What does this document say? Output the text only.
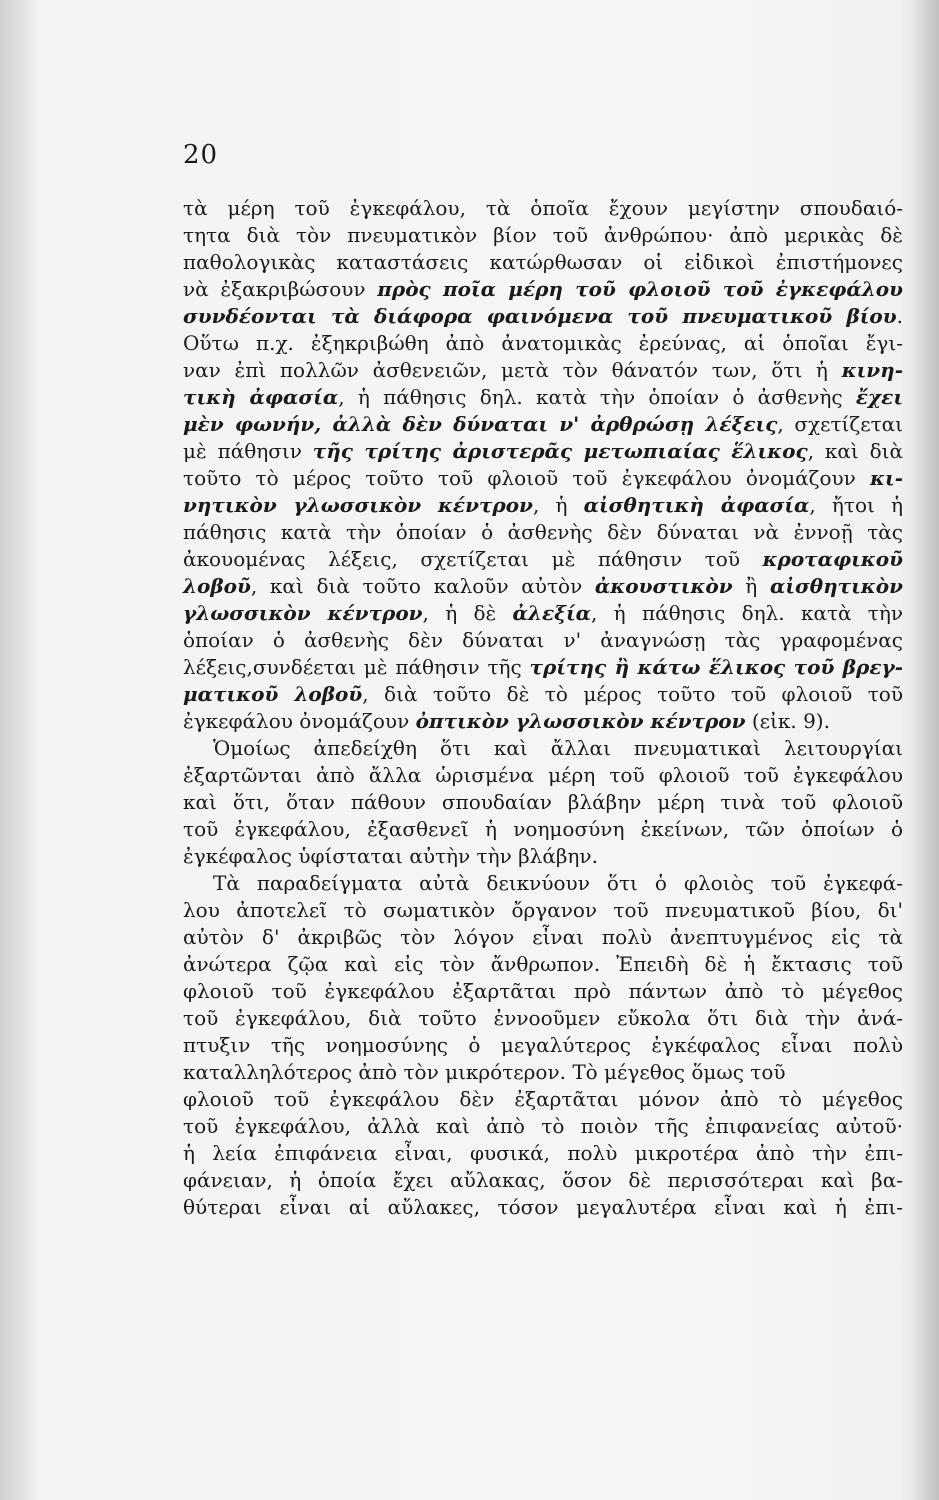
20
τὰ μέρη τοῦ ἐγκεφάλου, τὰ ὁποῖα ἔχουν μεγίστην σπουδαιό-
τητα διὰ τὸν πνευματικὸν βίον τοῦ ἀνθρώπου· ἀπὸ μερικὰς δὲ
παθολογικὰς καταστάσεις κατώρθωσαν οἱ εἰδικοὶ ἐπιστήμονες
νὰ ἐξακριβώσουν πρὸς ποῖα μέρη τοῦ φλοιοῦ τοῦ ἐγκεφάλου
συνδέονται τὰ διάφορα φαινόμενα τοῦ πνευματικοῦ βίου.
Οὕτω π.χ. ἐξηκριβώθη ἀπὸ ἀνατομικὰς ἐρεύνας, αἱ ὁποῖαι ἔγι-
ναν ἐπὶ πολλῶν ἀσθενειῶν, μετὰ τὸν θάνατόν των, ὅτι ἡ κινη-
τικὴ ἀφασία, ἡ πάθησις δηλ. κατὰ τὴν ὁποίαν ὁ ἀσθενὴς ἔχει
μὲν φωνήν, ἀλλὰ δὲν δύναται ν' ἀρθρώσῃ λέξεις, σχετίζεται
μὲ πάθησιν τῆς τρίτης ἀριστερᾶς μετωπιαίας ἕλικος, καὶ διὰ
τοῦτο τὸ μέρος τοῦτο τοῦ φλοιοῦ τοῦ ἐγκεφάλου ὀνομάζουν κι-
νητικὸν γλωσσικὸν κέντρον, ἡ αἰσθητικὴ ἀφασία, ἤτοι ἡ
πάθησις κατὰ τὴν ὁποίαν ὁ ἀσθενὴς δὲν δύναται νὰ ἐννοῇ τὰς
ἀκουομένας λέξεις, σχετίζεται μὲ πάθησιν τοῦ κροταφικοῦ
λοβοῦ, καὶ διὰ τοῦτο καλοῦν αὐτὸν ἀκουστικὸν ἢ αἰσθητικὸν
γλωσσικὸν κέντρον, ἡ δὲ ἀλεξία, ἡ πάθησις δηλ. κατὰ τὴν
ὁποίαν ὁ ἀσθενὴς δὲν δύναται ν' ἀναγνώσῃ τὰς γραφομένας
λέξεις,συνδέεται μὲ πάθησιν τῆς τρίτης ἢ κάτω ἕλικος τοῦ βρεγ-
ματικοῦ λοβοῦ, διὰ τοῦτο δὲ τὸ μέρος τοῦτο τοῦ φλοιοῦ τοῦ
ἐγκεφάλου ὀνομάζουν ὀπτικὸν γλωσσικὸν κέντρον (εἰκ. 9).
Ὁμοίως ἀπεδείχθη ὅτι καὶ ἄλλαι πνευματικαὶ λειτουργίαι
ἐξαρτῶνται ἀπὸ ἄλλα ὡρισμένα μέρη τοῦ φλοιοῦ τοῦ ἐγκεφάλου
καὶ ὅτι, ὅταν πάθουν σπουδαίαν βλάβην μέρη τινὰ τοῦ φλοιοῦ
τοῦ ἐγκεφάλου, ἐξασθενεῖ ἡ νοημοσύνη ἐκείνων, τῶν ὁποίων ὁ
ἐγκέφαλος ὑφίσταται αὐτὴν τὴν βλάβην.
Τὰ παραδείγματα αὐτὰ δεικνύουν ὅτι ὁ φλοιὸς τοῦ ἐγκεφά-
λου ἀποτελεῖ τὸ σωματικὸν ὄργανον τοῦ πνευματικοῦ βίου, δι'
αὐτὸν δ' ἀκριβῶς τὸν λόγον εἶναι πολὺ ἀνεπτυγμένος εἰς τὰ
ἀνώτερα ζῷα καὶ εἰς τὸν ἄνθρωπον. Ἐπειδὴ δὲ ἡ ἔκτασις τοῦ
φλοιοῦ τοῦ ἐγκεφάλου ἐξαρτᾶται πρὸ πάντων ἀπὸ τὸ μέγεθος
τοῦ ἐγκεφάλου, διὰ τοῦτο ἐννοοῦμεν εὔκολα ὅτι διὰ τὴν ἀνά-
πτυξιν τῆς νοημοσύνης ὁ μεγαλύτερος ἐγκέφαλος εἶναι πολὺ
καταλληλότερος ἀπὸ τὸν μικρότερον. Τὸ μέγεθος ὅμως τοῦ
φλοιοῦ τοῦ ἐγκεφάλου δὲν ἐξαρτᾶται μόνον ἀπὸ τὸ μέγεθος
τοῦ ἐγκεφάλου, ἀλλὰ καὶ ἀπὸ τὸ ποιὸν τῆς ἐπιφανείας αὐτοῦ·
ἡ λεία ἐπιφάνεια εἶναι, φυσικά, πολὺ μικροτέρα ἀπὸ τὴν ἐπι-
φάνειαν, ἡ ὁποία ἔχει αὔλακας, ὅσον δὲ περισσότεραι καὶ βα-
θύτεραι εἶναι αἱ αὔλακες, τόσον μεγαλυτέρα εἶναι καὶ ἡ ἐπι-
